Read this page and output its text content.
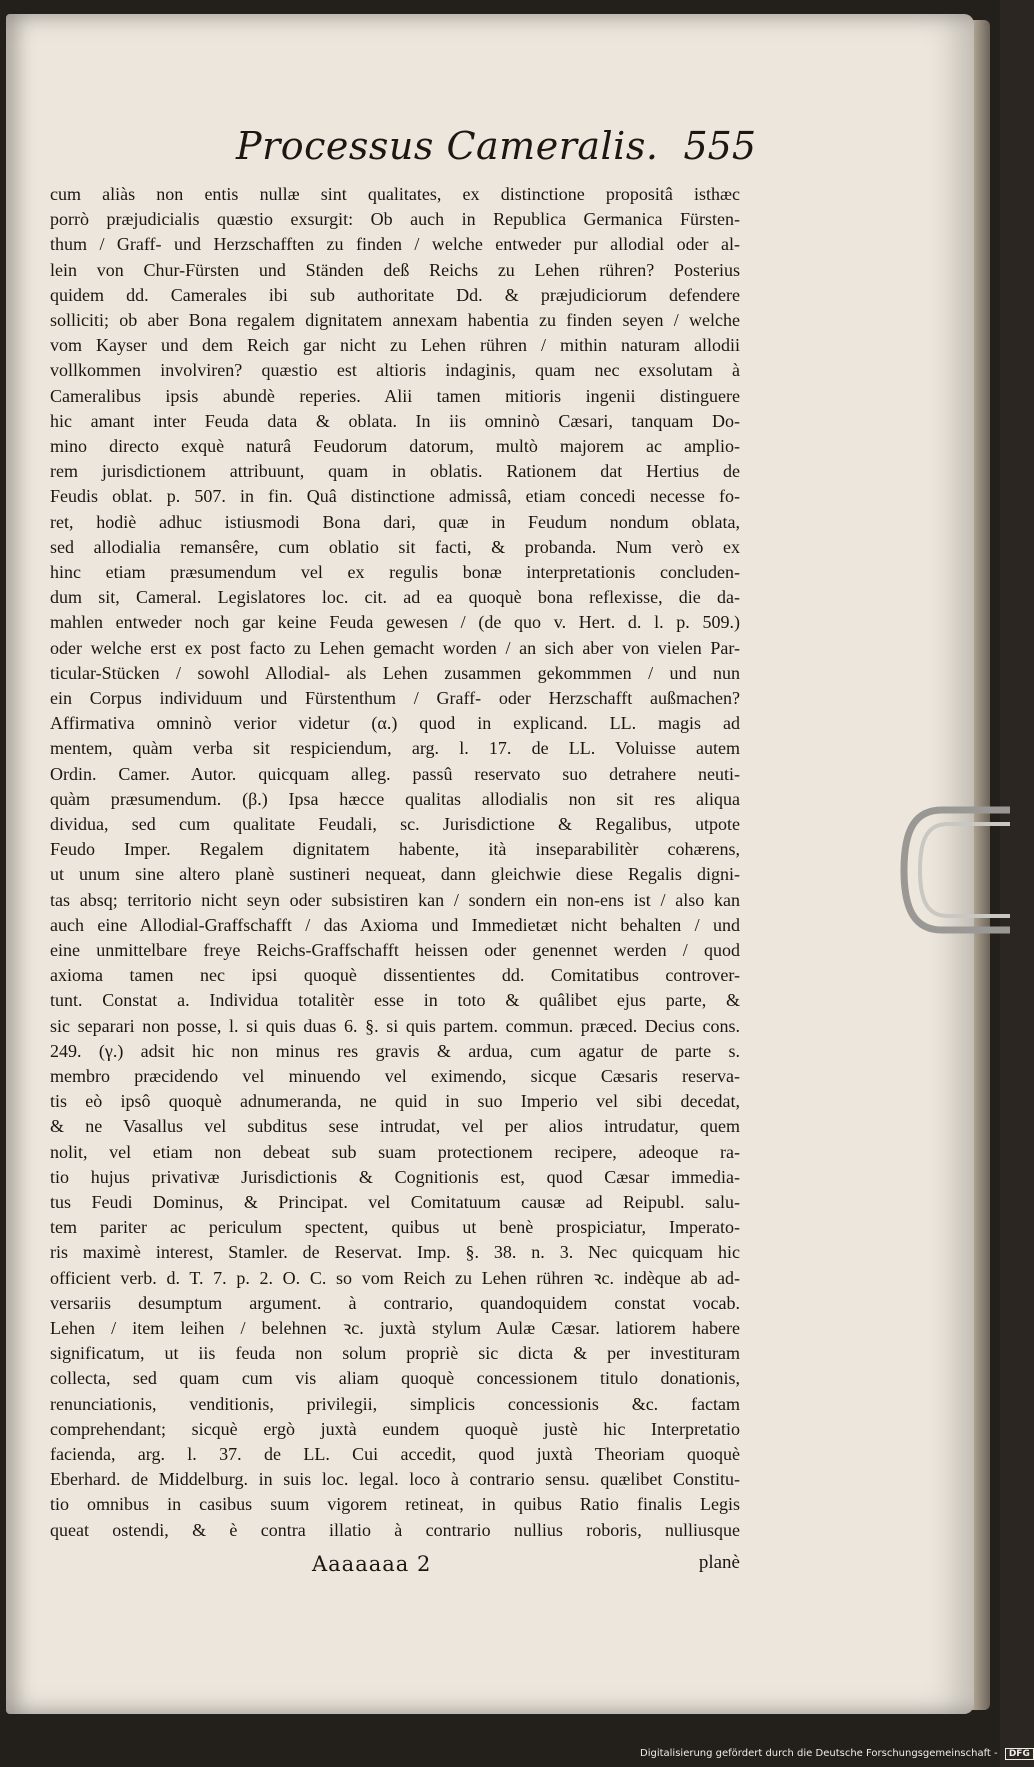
Processus Cameralis. 555
cum aliàs non entis nullæ sint qualitates, ex distinctione propositâ isthæc
porrò præjudicialis quæstio exsurgit: Ob auch in Republica Germanica Fürsten-
thum / Graff- und Herzschafften zu finden / welche entweder pur allodial oder al-
lein von Chur-Fürsten und Ständen deß Reichs zu Lehen rühren? Posterius
quidem dd. Camerales ibi sub authoritate Dd. & præjudiciorum defendere
solliciti; ob aber Bona regalem dignitatem annexam habentia zu finden seyen / welche
vom Kayser und dem Reich gar nicht zu Lehen rühren / mithin naturam allodii
vollkommen involviren? quæstio est altioris indaginis, quam nec exsolutam à
Cameralibus ipsis abundè reperies. Alii tamen mitioris ingenii distinguere
hic amant inter Feuda data & oblata. In iis omninò Cæsari, tanquam Do-
mino directo exquè naturâ Feudorum datorum, multò majorem ac amplio-
rem jurisdictionem attribuunt, quam in oblatis. Rationem dat Hertius de
Feudis oblat. p. 507. in fin. Quâ distinctione admissâ, etiam concedi necesse fo-
ret, hodiè adhuc istiusmodi Bona dari, quæ in Feudum nondum oblata,
sed allodialia remansêre, cum oblatio sit facti, & probanda. Num verò ex
hinc etiam præsumendum vel ex regulis bonæ interpretationis concluden-
dum sit, Cameral. Legislatores loc. cit. ad ea quoquè bona reflexisse, die da-
mahlen entweder noch gar keine Feuda gewesen / (de quo v. Hert. d. l. p. 509.)
oder welche erst ex post facto zu Lehen gemacht worden / an sich aber von vielen Par-
ticular-Stücken / sowohl Allodial- als Lehen zusammen gekommmen / und nun
ein Corpus individuum und Fürstenthum / Graff- oder Herzschafft außmachen?
Affirmativa omninò verior videtur (α.) quod in explicand. LL. magis ad
mentem, quàm verba sit respiciendum, arg. l. 17. de LL. Voluisse autem
Ordin. Camer. Autor. quicquam alleg. passû reservato suo detrahere neuti-
quàm præsumendum. (β.) Ipsa hæcce qualitas allodialis non sit res aliqua
dividua, sed cum qualitate Feudali, sc. Jurisdictione & Regalibus, utpote
Feudo Imper. Regalem dignitatem habente, ità inseparabilitèr cohærens,
ut unum sine altero planè sustineri nequeat, dann gleichwie diese Regalis digni-
tas absq; territorio nicht seyn oder subsistiren kan / sondern ein non-ens ist / also kan
auch eine Allodial-Graffschafft / das Axioma und Immedietæt nicht behalten / und
eine unmittelbare freye Reichs-Graffschafft heissen oder genennet werden / quod
axioma tamen nec ipsi quoquè dissentientes dd. Comitatibus controver-
tunt. Constat a. Individua totalitèr esse in toto & quâlibet ejus parte, &
sic separari non posse, l. si quis duas 6. §. si quis partem. commun. præced. Decius cons.
249. (γ.) adsit hic non minus res gravis & ardua, cum agatur de parte s.
membro præcidendo vel minuendo vel eximendo, sicque Cæsaris reserva-
tis eò ipsô quoquè adnumeranda, ne quid in suo Imperio vel sibi decedat,
& ne Vasallus vel subditus sese intrudat, vel per alios intrudatur, quem
nolit, vel etiam non debeat sub suam protectionem recipere, adeoque ra-
tio hujus privativæ Jurisdictionis & Cognitionis est, quod Cæsar immedia-
tus Feudi Dominus, & Principat. vel Comitatuum causæ ad Reipubl. salu-
tem pariter ac periculum spectent, quibus ut benè prospiciatur, Imperato-
ris maximè interest, Stamler. de Reservat. Imp. §. 38. n. 3. Nec quicquam hic
officient verb. d. T. 7. p. 2. O. C. so vom Reich zu Lehen rühren ꝛc. indèque ab ad-
versariis desumptum argument. à contrario, quandoquidem constat vocab.
Lehen / item leihen / belehnen ꝛc. juxtà stylum Aulæ Cæsar. latiorem habere
significatum, ut iis feuda non solum propriè sic dicta & per investituram
collecta, sed quam cum vis aliam quoquè concessionem titulo donationis,
renunciationis, venditionis, privilegii, simplicis concessionis &c. factam
comprehendant; sicquè ergò juxtà eundem quoquè justè hic Interpretatio
facienda, arg. l. 37. de LL. Cui accedit, quod juxtà Theoriam quoquè
Eberhard. de Middelburg. in suis loc. legal. loco à contrario sensu. quælibet Constitu-
tio omnibus in casibus suum vigorem retineat, in quibus Ratio finalis Legis
queat ostendi, & è contra illatio à contrario nullius roboris, nulliusque
Aaaaaaa 2	planè
Digitalisierung gefördert durch die Deutsche Forschungsgemeinschaft - DFG
